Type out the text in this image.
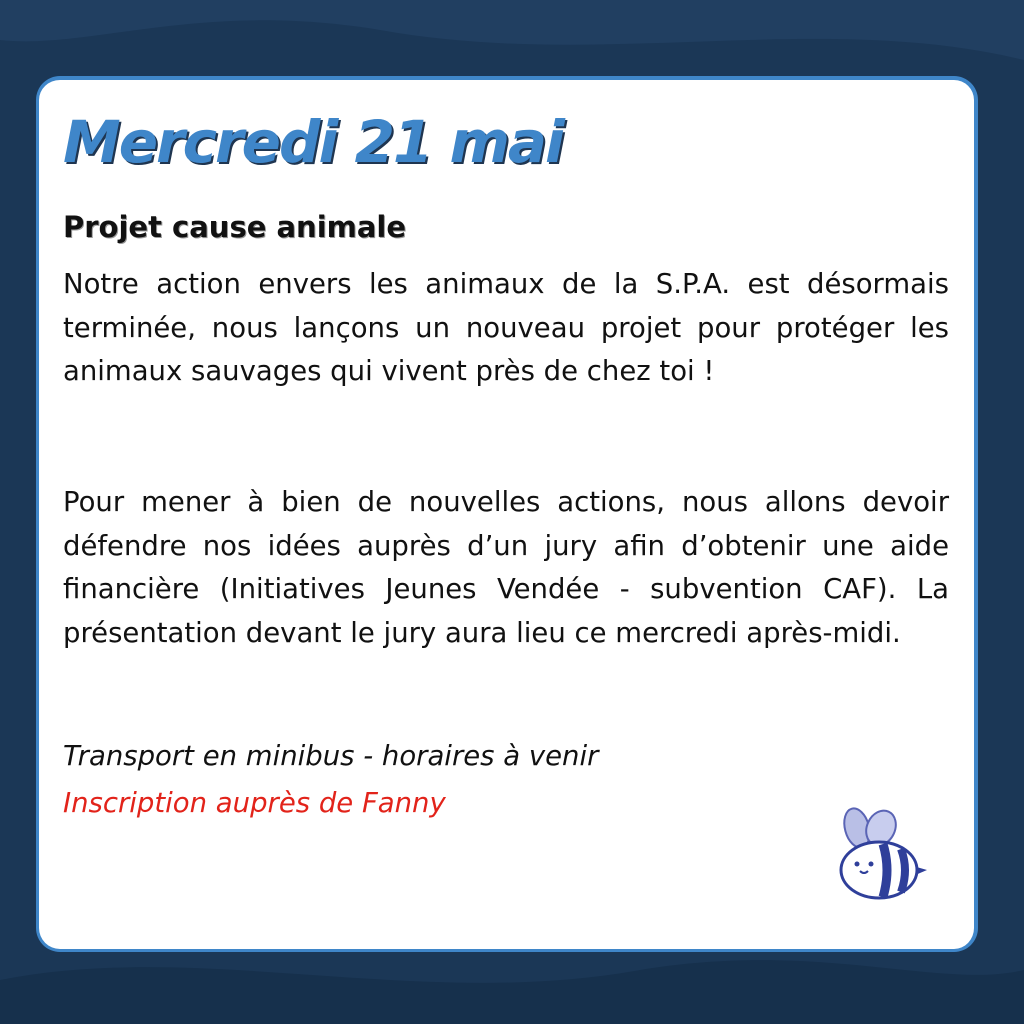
Mercredi 21 mai
Projet cause animale

Notre action envers les animaux de la S.P.A. est désormais terminée, nous lançons un nouveau projet pour protéger les animaux sauvages qui vivent près de chez toi !

Pour mener à bien de nouvelles actions, nous allons devoir défendre nos idées auprès d’un jury afin d’obtenir une aide financière (Initiatives Jeunes Vendée - subvention CAF). La présentation devant le jury aura lieu ce mercredi après-midi.

Transport en minibus - horaires à venir

Inscription auprès de Fanny
